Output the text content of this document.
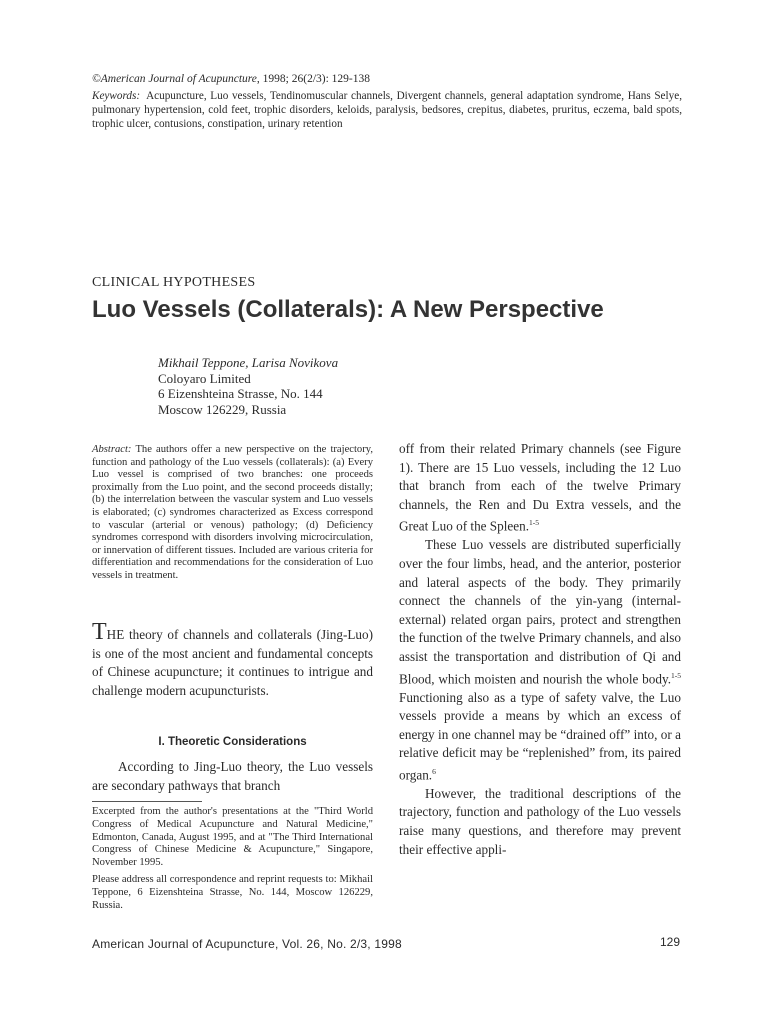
©American Journal of Acupuncture, 1998; 26(2/3): 129-138
Keywords: Acupuncture, Luo vessels, Tendinomuscular channels, Divergent channels, general adaptation syndrome, Hans Selye, pulmonary hypertension, cold feet, trophic disorders, keloids, paralysis, bedsores, crepitus, diabetes, pruritus, eczema, bald spots, trophic ulcer, contusions, constipation, urinary retention
CLINICAL HYPOTHESES
Luo Vessels (Collaterals): A New Perspective
Mikhail Teppone, Larisa Novikova
Coloyaro Limited
6 Eizenshteina Strasse, No. 144
Moscow 126229, Russia
Abstract: The authors offer a new perspective on the trajectory, function and pathology of the Luo vessels (collaterals): (a) Every Luo vessel is comprised of two branches: one proceeds proximally from the Luo point, and the second proceeds distally; (b) the interrelation between the vascular system and Luo vessels is elaborated; (c) syndromes characterized as Excess correspond to vascular (arterial or venous) pathology; (d) Deficiency syndromes correspond with disorders involving microcirculation, or innervation of different tissues. Included are various criteria for differentiation and recommendations for the consideration of Luo vessels in treatment.
THE theory of channels and collaterals (Jing-Luo) is one of the most ancient and fundamental concepts of Chinese acupuncture; it continues to intrigue and challenge modern acupuncturists.
I. Theoretic Considerations
According to Jing-Luo theory, the Luo vessels are secondary pathways that branch

Excerpted from the author's presentations at the "Third World Congress of Medical Acupuncture and Natural Medicine," Edmonton, Canada, August 1995, and at "The Third International Congress of Chinese Medicine & Acupuncture," Singapore, November 1995.

Please address all correspondence and reprint requests to: Mikhail Teppone, 6 Eizenshteina Strasse, No. 144, Moscow 126229, Russia.

off from their related Primary channels (see Figure 1). There are 15 Luo vessels, including the 12 Luo that branch from each of the twelve Primary channels, the Ren and Du Extra vessels, and the Great Luo of the Spleen.$^{1-5}$

These Luo vessels are distributed superficially over the four limbs, head, and the anterior, posterior and lateral aspects of the body. They primarily connect the channels of the yin-yang (internal-external) related organ pairs, protect and strengthen the function of the twelve Primary channels, and also assist the transportation and distribution of Qi and Blood, which moisten and nourish the whole body.$^{1-5}$ Functioning also as a type of safety valve, the Luo vessels provide a means by which an excess of energy in one channel may be “drained off” into, or a relative deficit may be “replenished” from, its paired organ.$^6$

However, the traditional descriptions of the trajectory, function and pathology of the Luo vessels raise many questions, and therefore may prevent their effective appli-

American Journal of Acupuncture, Vol. 26, No. 2/3, 1998	129
